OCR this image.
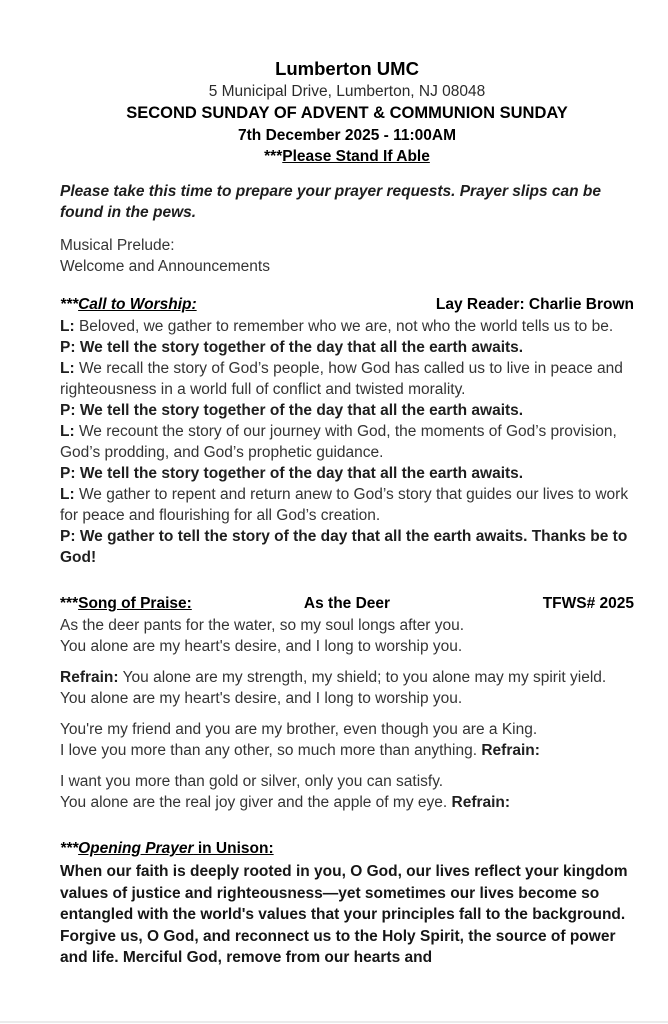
Lumberton UMC
5 Municipal Drive, Lumberton, NJ 08048
SECOND SUNDAY OF ADVENT & COMMUNION SUNDAY
7th December 2025 - 11:00AM
***Please Stand If Able
Please take this time to prepare your prayer requests. Prayer slips can be found in the pews.
Musical Prelude:
Welcome and Announcements
***Call to Worship:	Lay Reader: Charlie Brown
L: Beloved, we gather to remember who we are, not who the world tells us to be.
P: We tell the story together of the day that all the earth awaits.
L: We recall the story of God’s people, how God has called us to live in peace and righteousness in a world full of conflict and twisted morality.
P: We tell the story together of the day that all the earth awaits.
L: We recount the story of our journey with God, the moments of God’s provision, God’s prodding, and God’s prophetic guidance.
P: We tell the story together of the day that all the earth awaits.
L: We gather to repent and return anew to God’s story that guides our lives to work for peace and flourishing for all God’s creation.
P: We gather to tell the story of the day that all the earth awaits. Thanks be to God!
***Song of Praise:	As the Deer	TFWS# 2025

As the deer pants for the water, so my soul longs after you.
You alone are my heart's desire, and I long to worship you.

Refrain: You alone are my strength, my shield; to you alone may my spirit yield.
You alone are my heart's desire, and I long to worship you.

You're my friend and you are my brother, even though you are a King.
I love you more than any other, so much more than anything. Refrain:

I want you more than gold or silver, only you can satisfy.
You alone are the real joy giver and the apple of my eye. Refrain:

***Opening Prayer in Unison:
When our faith is deeply rooted in you, O God, our lives reflect your kingdom values of justice and righteousness—yet sometimes our lives become so entangled with the world's values that your principles fall to the background. Forgive us, O God, and reconnect us to the Holy Spirit, the source of power and life. Merciful God, remove from our hearts and
